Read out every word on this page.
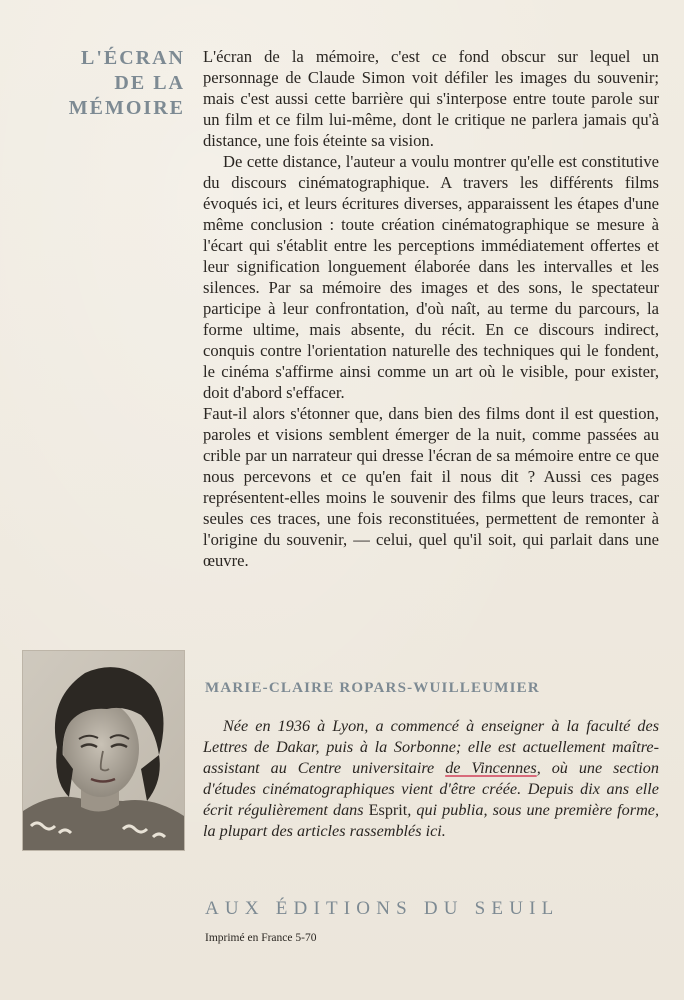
L'ÉCRAN
DE LA
MÉMOIRE

L'écran de la mémoire, c'est ce fond obscur sur lequel un personnage de Claude Simon voit défiler les images du souvenir; mais c'est aussi cette barrière qui s'interpose entre toute parole sur un film et ce film lui-même, dont le critique ne parlera jamais qu'à distance, une fois éteinte sa vision.

De cette distance, l'auteur a voulu montrer qu'elle est constitutive du discours cinématographique. A travers les différents films évoqués ici, et leurs écritures diverses, apparaissent les étapes d'une même conclusion : toute création cinématographique se mesure à l'écart qui s'établit entre les perceptions immédiatement offertes et leur signification longuement élaborée dans les intervalles et les silences. Par sa mémoire des images et des sons, le spectateur participe à leur confrontation, d'où naît, au terme du parcours, la forme ultime, mais absente, du récit. En ce discours indirect, conquis contre l'orientation naturelle des techniques qui le fondent, le cinéma s'affirme ainsi comme un art où le visible, pour exister, doit d'abord s'effacer.

Faut-il alors s'étonner que, dans bien des films dont il est question, paroles et visions semblent émerger de la nuit, comme passées au crible par un narrateur qui dresse l'écran de sa mémoire entre ce que nous percevons et ce qu'en fait il nous dit ? Aussi ces pages représentent-elles moins le souvenir des films que leurs traces, car seules ces traces, une fois reconstituées, permettent de remonter à l'origine du souvenir, — celui, quel qu'il soit, qui parlait dans une œuvre.

MARIE-CLAIRE ROPARS-WUILLEUMIER

Née en 1936 à Lyon, a commencé à enseigner à la faculté des Lettres de Dakar, puis à la Sorbonne; elle est actuellement maître-assistant au Centre universitaire de Vincennes, où une section d'études cinématographiques vient d'être créée. Depuis dix ans elle écrit régulièrement dans Esprit, qui publia, sous une première forme, la plupart des articles rassemblés ici.

AUX ÉDITIONS DU SEUIL
Imprimé en France 5-70
